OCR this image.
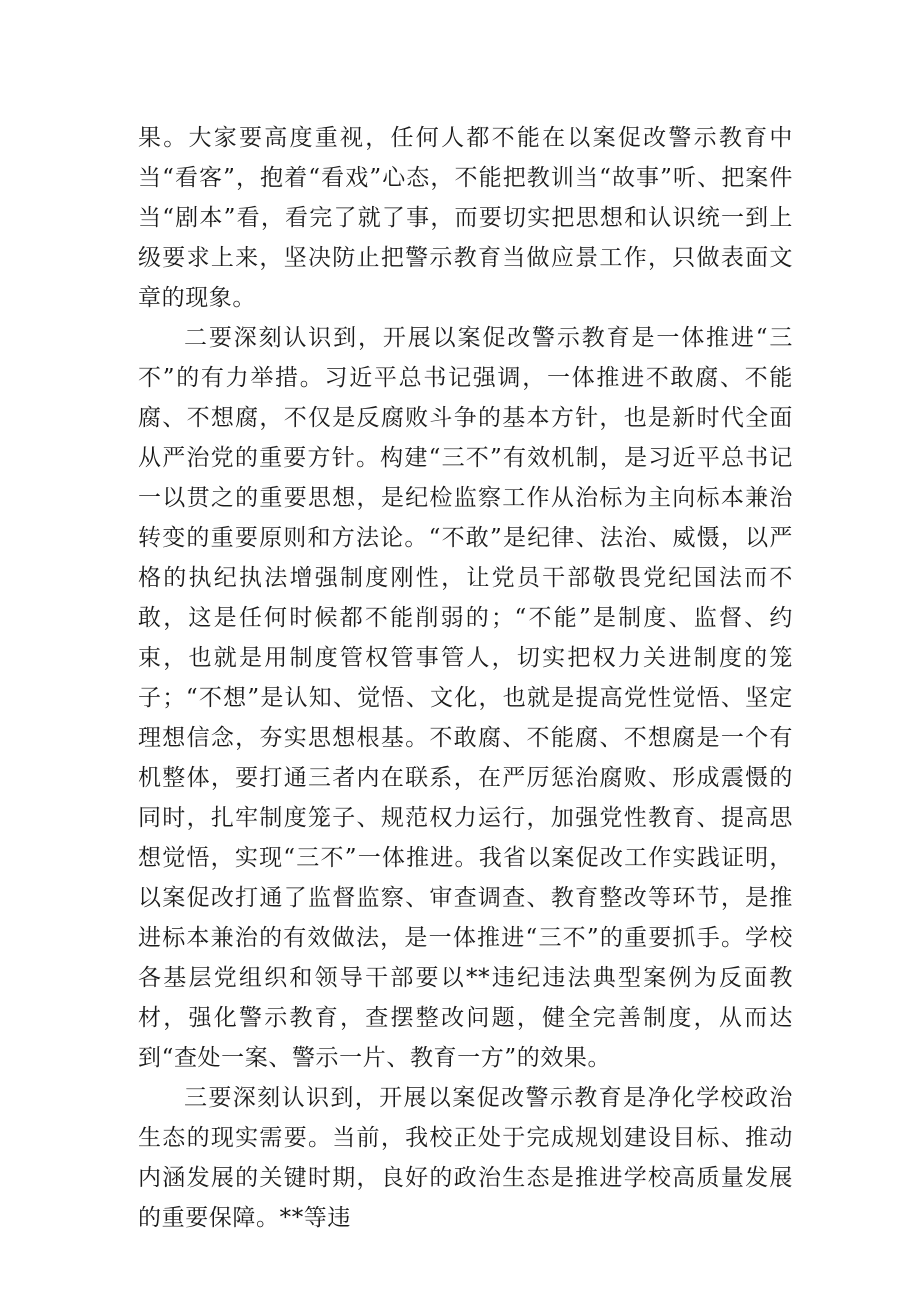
果。大家要高度重视，任何人都不能在以案促改警示教育中当“看客”，抱着“看戏”心态，不能把教训当“故事”听、把案件当“剧本”看，看完了就了事，而要切实把思想和认识统一到上级要求上来，坚决防止把警示教育当做应景工作，只做表面文章的现象。

二要深刻认识到，开展以案促改警示教育是一体推进“三不”的有力举措。习近平总书记强调，一体推进不敢腐、不能腐、不想腐，不仅是反腐败斗争的基本方针，也是新时代全面从严治党的重要方针。构建“三不”有效机制，是习近平总书记一以贯之的重要思想，是纪检监察工作从治标为主向标本兼治转变的重要原则和方法论。“不敢”是纪律、法治、威慑，以严格的执纪执法增强制度刚性，让党员干部敬畏党纪国法而不敢，这是任何时候都不能削弱的；“不能”是制度、监督、约束，也就是用制度管权管事管人，切实把权力关进制度的笼子；“不想”是认知、觉悟、文化，也就是提高党性觉悟、坚定理想信念，夯实思想根基。不敢腐、不能腐、不想腐是一个有机整体，要打通三者内在联系，在严厉惩治腐败、形成震慑的同时，扎牢制度笼子、规范权力运行，加强党性教育、提高思想觉悟，实现“三不”一体推进。我省以案促改工作实践证明，以案促改打通了监督监察、审查调查、教育整改等环节，是推进标本兼治的有效做法，是一体推进“三不”的重要抓手。学校各基层党组织和领导干部要以**违纪违法典型案例为反面教材，强化警示教育，查摆整改问题，健全完善制度，从而达到“查处一案、警示一片、教育一方”的效果。

三要深刻认识到，开展以案促改警示教育是净化学校政治生态的现实需要。当前，我校正处于完成规划建设目标、推动内涵发展的关键时期，良好的政治生态是推进学校高质量发展的重要保障。**等违
